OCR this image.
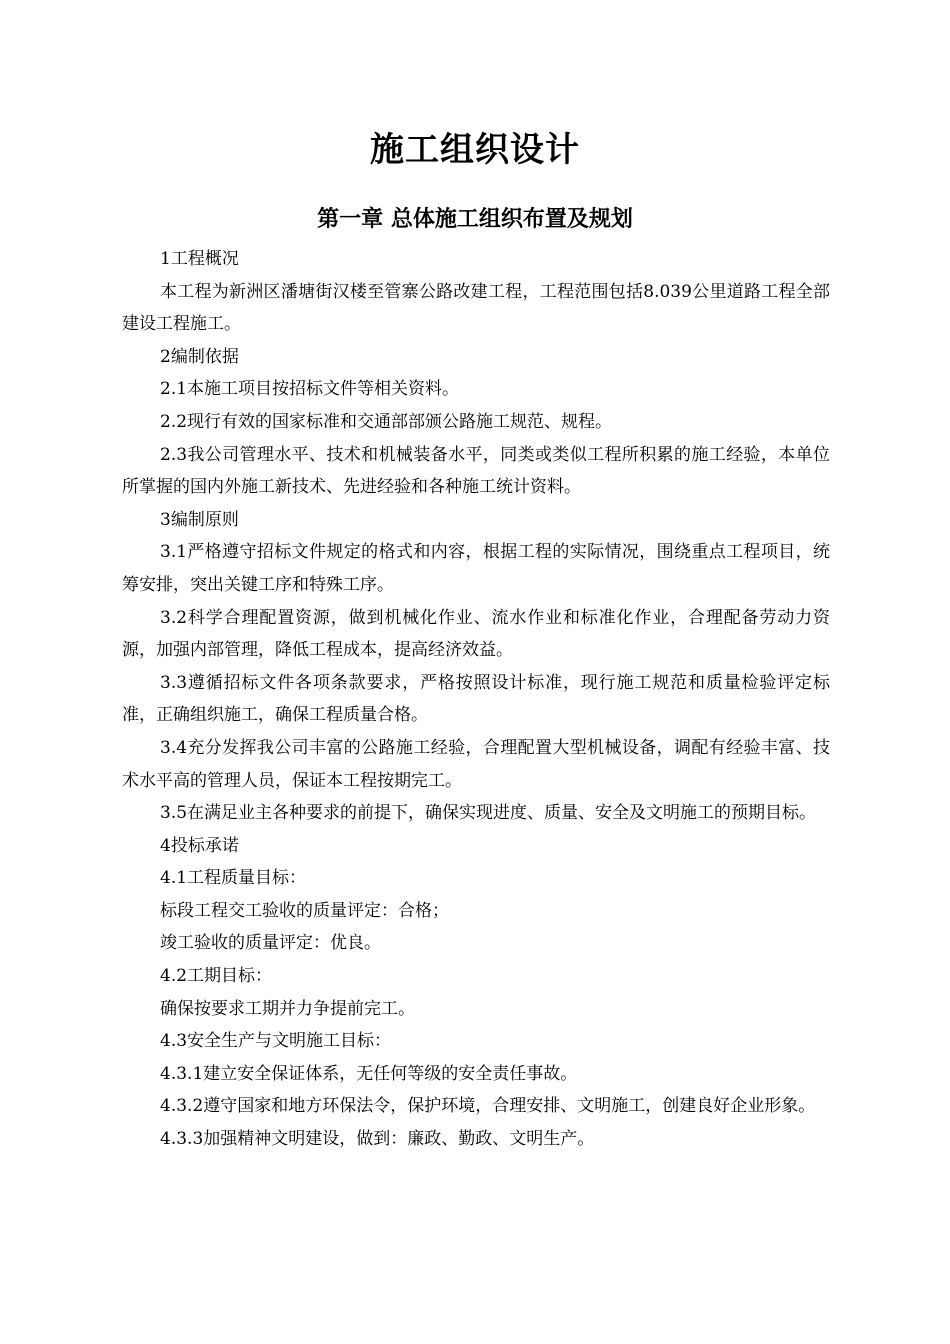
施工组织设计
第一章 总体施工组织布置及规划

1工程概况

本工程为新洲区潘塘街汉楼至管寨公路改建工程，工程范围包括8.039公里道路工程全部建设工程施工。

2编制依据

2.1本施工项目按招标文件等相关资料。

2.2现行有效的国家标准和交通部部颁公路施工规范、规程。

2.3我公司管理水平、技术和机械装备水平，同类或类似工程所积累的施工经验，本单位所掌握的国内外施工新技术、先进经验和各种施工统计资料。

3编制原则

3.1严格遵守招标文件规定的格式和内容，根据工程的实际情况，围绕重点工程项目，统筹安排，突出关键工序和特殊工序。

3.2科学合理配置资源，做到机械化作业、流水作业和标准化作业，合理配备劳动力资源，加强内部管理，降低工程成本，提高经济效益。

3.3遵循招标文件各项条款要求，严格按照设计标准，现行施工规范和质量检验评定标准，正确组织施工，确保工程质量合格。

3.4充分发挥我公司丰富的公路施工经验，合理配置大型机械设备，调配有经验丰富、技术水平高的管理人员，保证本工程按期完工。

3.5在满足业主各种要求的前提下，确保实现进度、质量、安全及文明施工的预期目标。

4投标承诺

4.1工程质量目标：

标段工程交工验收的质量评定：合格；

竣工验收的质量评定：优良。

4.2工期目标：

确保按要求工期并力争提前完工。

4.3安全生产与文明施工目标：

4.3.1建立安全保证体系，无任何等级的安全责任事故。

4.3.2遵守国家和地方环保法令，保护环境，合理安排、文明施工，创建良好企业形象。

4.3.3加强精神文明建设，做到：廉政、勤政、文明生产。
